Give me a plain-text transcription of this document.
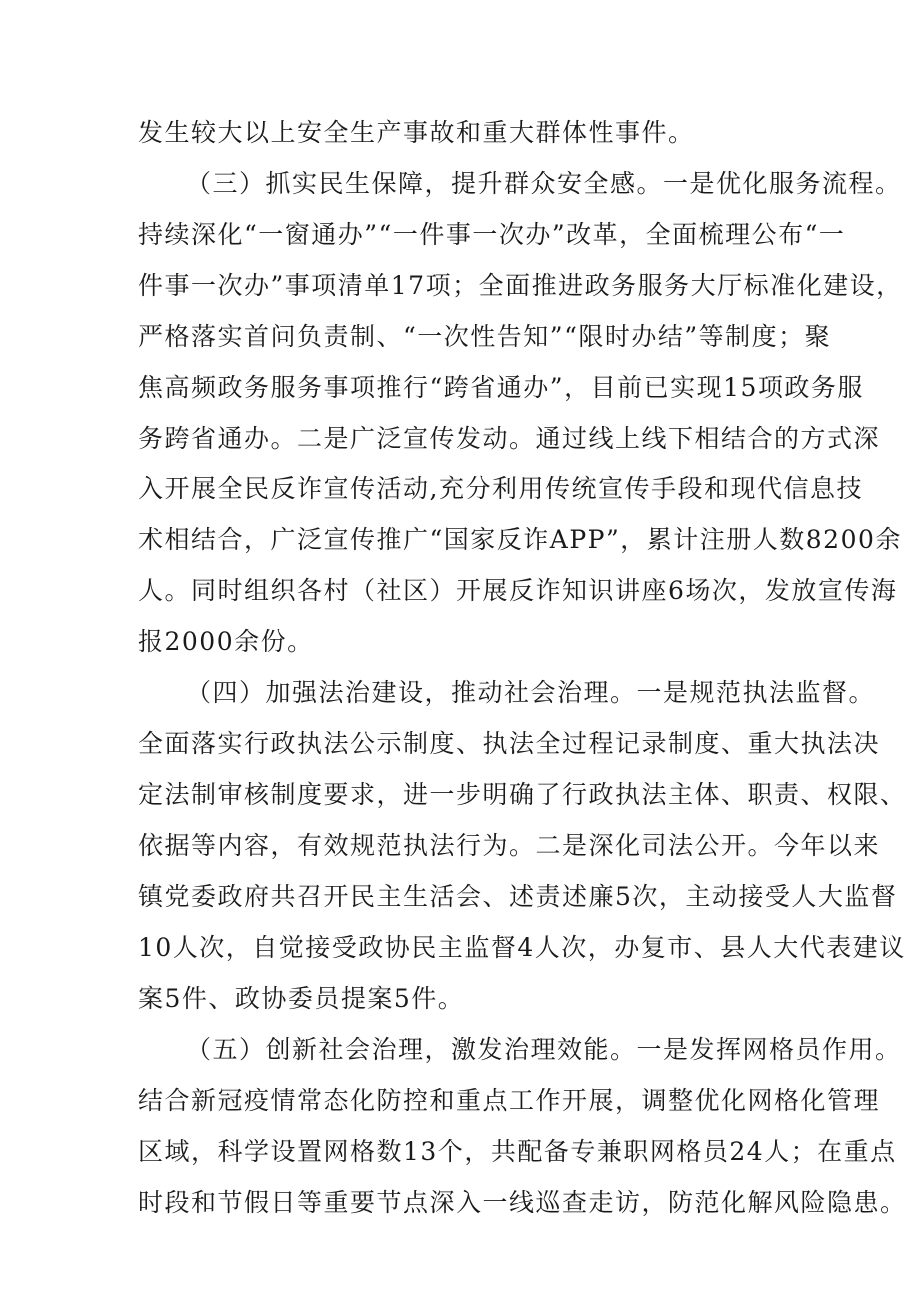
发生较大以上安全生产事故和重大群体性事件。
（三）抓实民生保障，提升群众安全感。一是优化服务流程。
持续深化“一窗通办”“一件事一次办”改革，全面梳理公布“一
件事一次办”事项清单17项；全面推进政务服务大厅标准化建设，
严格落实首问负责制、“一次性告知”“限时办结”等制度；聚
焦高频政务服务事项推行“跨省通办”，目前已实现15项政务服
务跨省通办。二是广泛宣传发动。通过线上线下相结合的方式深
入开展全民反诈宣传活动,充分利用传统宣传手段和现代信息技
术相结合，广泛宣传推广“国家反诈APP”，累计注册人数8200余
人。同时组织各村（社区）开展反诈知识讲座6场次，发放宣传海
报2000余份。
（四）加强法治建设，推动社会治理。一是规范执法监督。
全面落实行政执法公示制度、执法全过程记录制度、重大执法决
定法制审核制度要求，进一步明确了行政执法主体、职责、权限、
依据等内容，有效规范执法行为。二是深化司法公开。今年以来
镇党委政府共召开民主生活会、述责述廉5次，主动接受人大监督
10人次，自觉接受政协民主监督4人次，办复市、县人大代表建议
案5件、政协委员提案5件。
（五）创新社会治理，激发治理效能。一是发挥网格员作用。
结合新冠疫情常态化防控和重点工作开展，调整优化网格化管理
区域，科学设置网格数13个，共配备专兼职网格员24人；在重点
时段和节假日等重要节点深入一线巡查走访，防范化解风险隐患。
